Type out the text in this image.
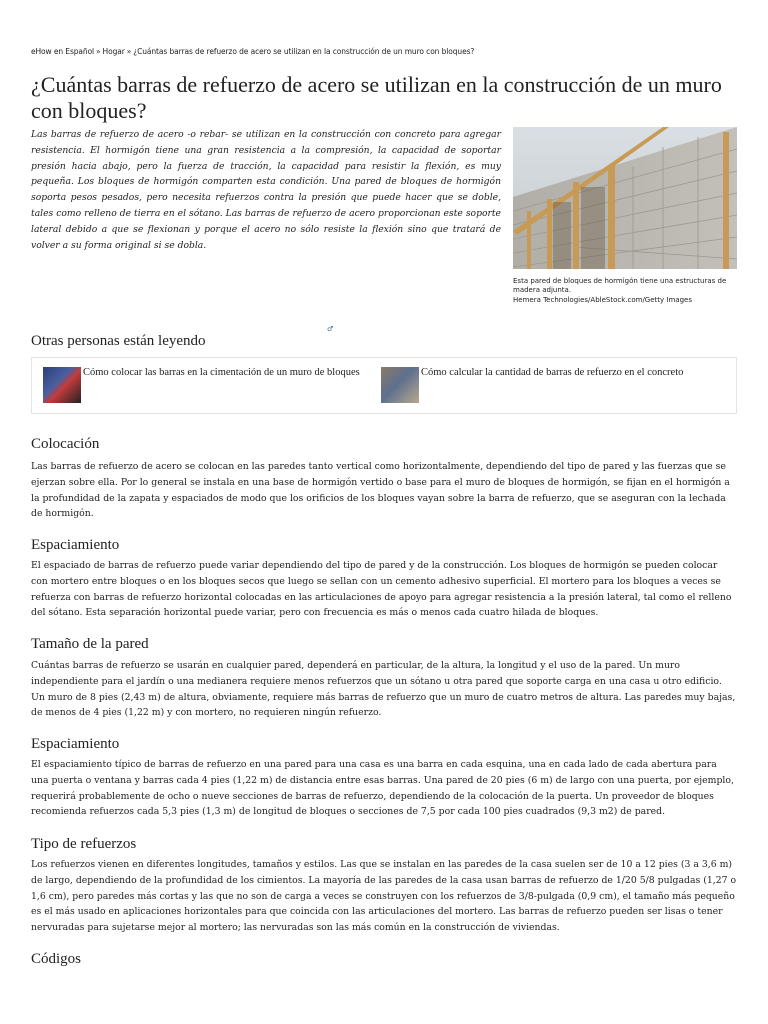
eHow en Español » Hogar » ¿Cuántas barras de refuerzo de acero se utilizan en la construcción de un muro con bloques?
¿Cuántas barras de refuerzo de acero se utilizan en la construcción de un muro con bloques?

Las barras de refuerzo de acero -o rebar- se utilizan en la construcción con concreto para agregar resistencia. El hormigón tiene una gran resistencia a la compresión, la capacidad de soportar presión hacia abajo, pero la fuerza de tracción, la capacidad para resistir la flexión, es muy pequeña. Los bloques de hormigón comparten esta condición. Una pared de bloques de hormigón soporta pesos pesados, pero necesita refuerzos contra la presión que puede hacer que se doble, tales como relleno de tierra en el sótano. Las barras de refuerzo de acero proporcionan este soporte lateral debido a que se flexionan y porque el acero no sólo resiste la flexión sino que tratará de volver a su forma original si se dobla.

Esta pared de bloques de hormigón tiene una estructuras de madera adjunta.
Hemera Technologies/AbleStock.com/Getty Images
♂
Otras personas están leyendo
Cómo colocar las barras en la cimentación de un muro de bloques	Cómo calcular la cantidad de barras de refuerzo en el concreto
Colocación

Las barras de refuerzo de acero se colocan en las paredes tanto vertical como horizontalmente, dependiendo del tipo de pared y las fuerzas que se ejerzan sobre ella. Por lo general se instala en una base de hormigón vertido o base para el muro de bloques de hormigón, se fijan en el hormigón a la profundidad de la zapata y espaciados de modo que los orificios de los bloques vayan sobre la barra de refuerzo, que se aseguran con la lechada de hormigón.

Espaciamiento

El espaciado de barras de refuerzo puede variar dependiendo del tipo de pared y de la construcción. Los bloques de hormigón se pueden colocar con mortero entre bloques o en los bloques secos que luego se sellan con un cemento adhesivo superficial. El mortero para los bloques a veces se refuerza con barras de refuerzo horizontal colocadas en las articulaciones de apoyo para agregar resistencia a la presión lateral, tal como el relleno del sótano. Esta separación horizontal puede variar, pero con frecuencia es más o menos cada cuatro hilada de bloques.

Tamaño de la pared

Cuántas barras de refuerzo se usarán en cualquier pared, dependerá en particular, de la altura, la longitud y el uso de la pared. Un muro independiente para el jardín o una medianera requiere menos refuerzos que un sótano u otra pared que soporte carga en una casa u otro edificio. Un muro de 8 pies (2,43 m) de altura, obviamente, requiere más barras de refuerzo que un muro de cuatro metros de altura. Las paredes muy bajas, de menos de 4 pies (1,22 m) y con mortero, no requieren ningún refuerzo.

Espaciamiento

El espaciamiento típico de barras de refuerzo en una pared para una casa es una barra en cada esquina, una en cada lado de cada abertura para una puerta o ventana y barras cada 4 pies (1,22 m) de distancia entre esas barras. Una pared de 20 pies (6 m) de largo con una puerta, por ejemplo, requerirá probablemente de ocho o nueve secciones de barras de refuerzo, dependiendo de la colocación de la puerta. Un proveedor de bloques recomienda refuerzos cada 5,3 pies (1,3 m) de longitud de bloques o secciones de 7,5 por cada 100 pies cuadrados (9,3 m2) de pared.

Tipo de refuerzos

Los refuerzos vienen en diferentes longitudes, tamaños y estilos. Las que se instalan en las paredes de la casa suelen ser de 10 a 12 pies (3 a 3,6 m) de largo, dependiendo de la profundidad de los cimientos. La mayoría de las paredes de la casa usan barras de refuerzo de 1/20 5/8 pulgadas (1,27 o 1,6 cm), pero paredes más cortas y las que no son de carga a veces se construyen con los refuerzos de 3/8-pulgada (0,9 cm), el tamaño más pequeño es el más usado en aplicaciones horizontales para que coincida con las articulaciones del mortero. Las barras de refuerzo pueden ser lisas o tener nervuradas para sujetarse mejor al mortero; las nervuradas son las más común en la construcción de viviendas.

Códigos
